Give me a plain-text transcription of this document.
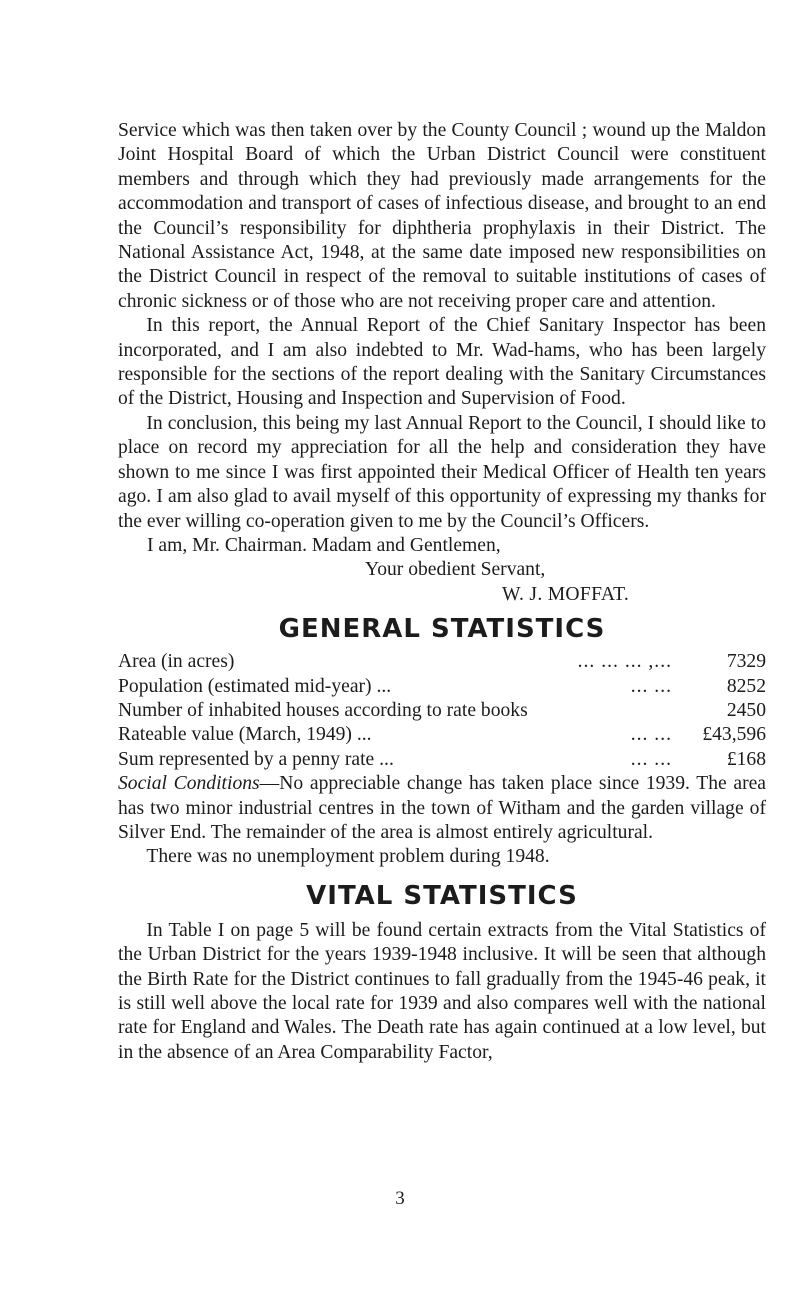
Service which was then taken over by the County Council ; wound up the Maldon Joint Hospital Board of which the Urban District Council were constituent members and through which they had previously made arrangements for the accommodation and transport of cases of infectious disease, and brought to an end the Council’s responsibility for diphtheria prophylaxis in their District. The National Assistance Act, 1948, at the same date imposed new responsibilities on the District Council in respect of the removal to suitable institutions of cases of chronic sickness or of those who are not receiving proper care and attention.

In this report, the Annual Report of the Chief Sanitary Inspector has been incorporated, and I am also indebted to Mr. Wad-hams, who has been largely responsible for the sections of the report dealing with the Sanitary Circumstances of the District, Housing and Inspection and Supervision of Food.

In conclusion, this being my last Annual Report to the Council, I should like to place on record my appreciation for all the help and consideration they have shown to me since I was first appointed their Medical Officer of Health ten years ago. I am also glad to avail myself of this opportunity of expressing my thanks for the ever willing co-operation given to me by the Council’s Officers.

I am, Mr. Chairman. Madam and Gentlemen,
Your obedient Servant,
W. J. MOFFAT.

GENERAL STATISTICS
Area (in acres)	... ... ... ,...	7329
Population (estimated mid-year) ...	... ...	8252
Number of inhabited houses according to rate books	2450
Rateable value (March, 1949) ...	... ...	£43,596
Sum represented by a penny rate ...	... ...	£168

Social Conditions—No appreciable change has taken place since 1939. The area has two minor industrial centres in the town of Witham and the garden village of Silver End. The remainder of the area is almost entirely agricultural.

There was no unemployment problem during 1948.

VITAL STATISTICS

In Table I on page 5 will be found certain extracts from the Vital Statistics of the Urban District for the years 1939-1948 inclusive. It will be seen that although the Birth Rate for the District continues to fall gradually from the 1945-46 peak, it is still well above the local rate for 1939 and also compares well with the national rate for England and Wales. The Death rate has again continued at a low level, but in the absence of an Area Comparability Factor,

3
